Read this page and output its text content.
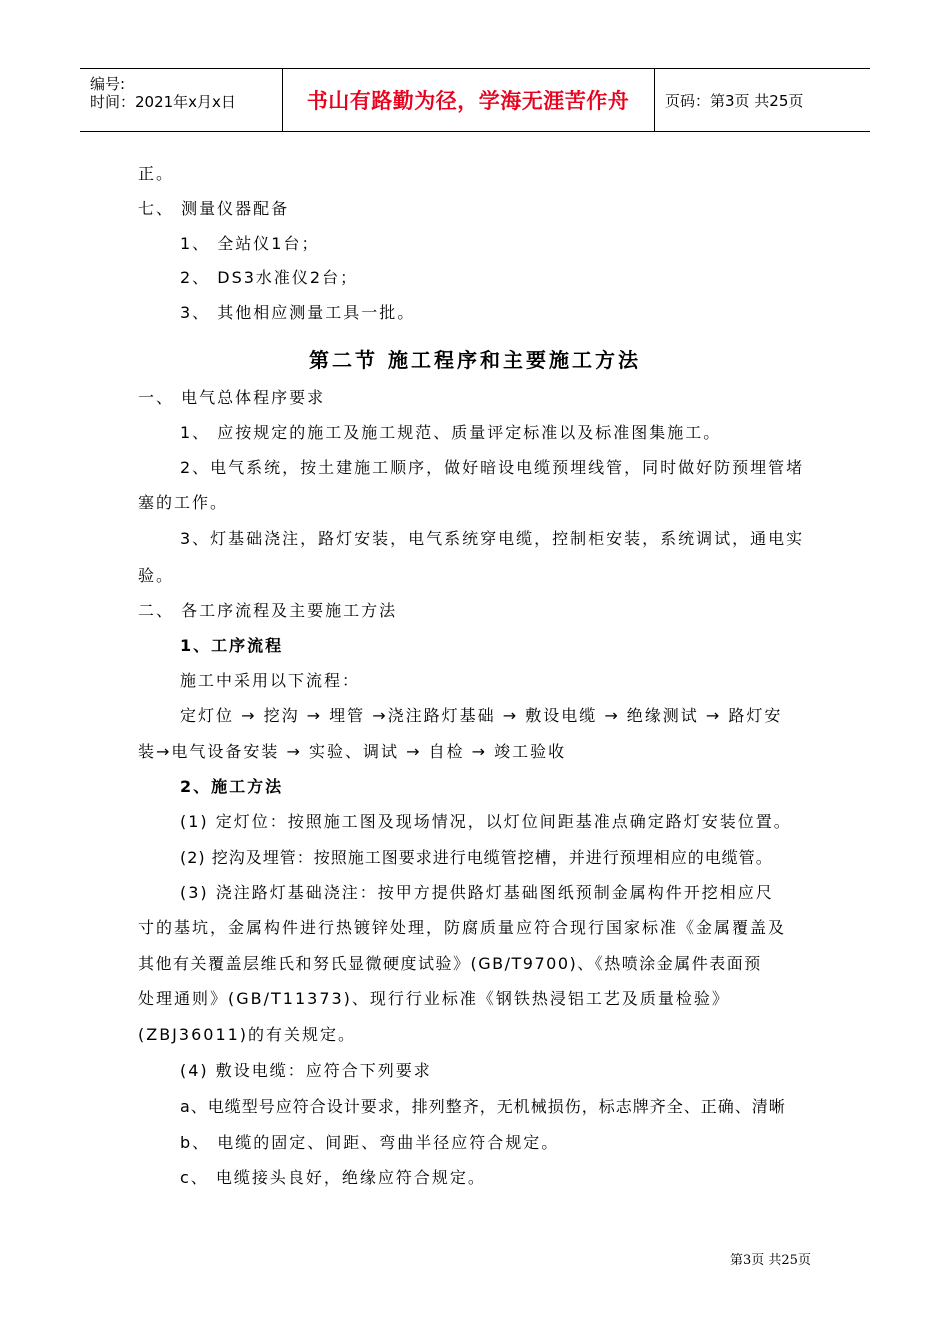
编号:
时间：2021年x月x日	书山有路勤为径，学海无涯苦作舟 页码：第3页 共25页
正。
七、 测量仪器配备
1、 全站仪1台；
2、 DS3水准仪2台；
3、 其他相应测量工具一批。
第二节 施工程序和主要施工方法
一、 电气总体程序要求
1、 应按规定的施工及施工规范、质量评定标准以及标准图集施工。
2、电气系统，按土建施工顺序，做好暗设电缆预埋线管，同时做好防预埋管堵
塞的工作。
3、灯基础浇注，路灯安装，电气系统穿电缆，控制柜安装，系统调试，通电实
验。
二、 各工序流程及主要施工方法
1、工序流程
施工中采用以下流程：
定灯位 → 挖沟 → 埋管 →浇注路灯基础 → 敷设电缆 → 绝缘测试 → 路灯安
装→电气设备安装 → 实验、调试 → 自检 → 竣工验收
2、施工方法
(1) 定灯位：按照施工图及现场情况，以灯位间距基准点确定路灯安装位置。
(2) 挖沟及埋管：按照施工图要求进行电缆管挖槽，并进行预埋相应的电缆管。
(3) 浇注路灯基础浇注：按甲方提供路灯基础图纸预制金属构件开挖相应尺
寸的基坑，金属构件进行热镀锌处理，防腐质量应符合现行国家标准《金属覆盖及
其他有关覆盖层维氏和努氏显微硬度试验》(GB/T9700)、《热喷涂金属件表面预
处理通则》(GB/T11373)、现行行业标准《钢铁热浸铝工艺及质量检验》
(ZBJ36011)的有关规定。
(4) 敷设电缆：应符合下列要求
a、电缆型号应符合设计要求，排列整齐，无机械损伤，标志牌齐全、正确、清晰
b、 电缆的固定、间距、弯曲半径应符合规定。
c、 电缆接头良好，绝缘应符合规定。
第3页 共25页
